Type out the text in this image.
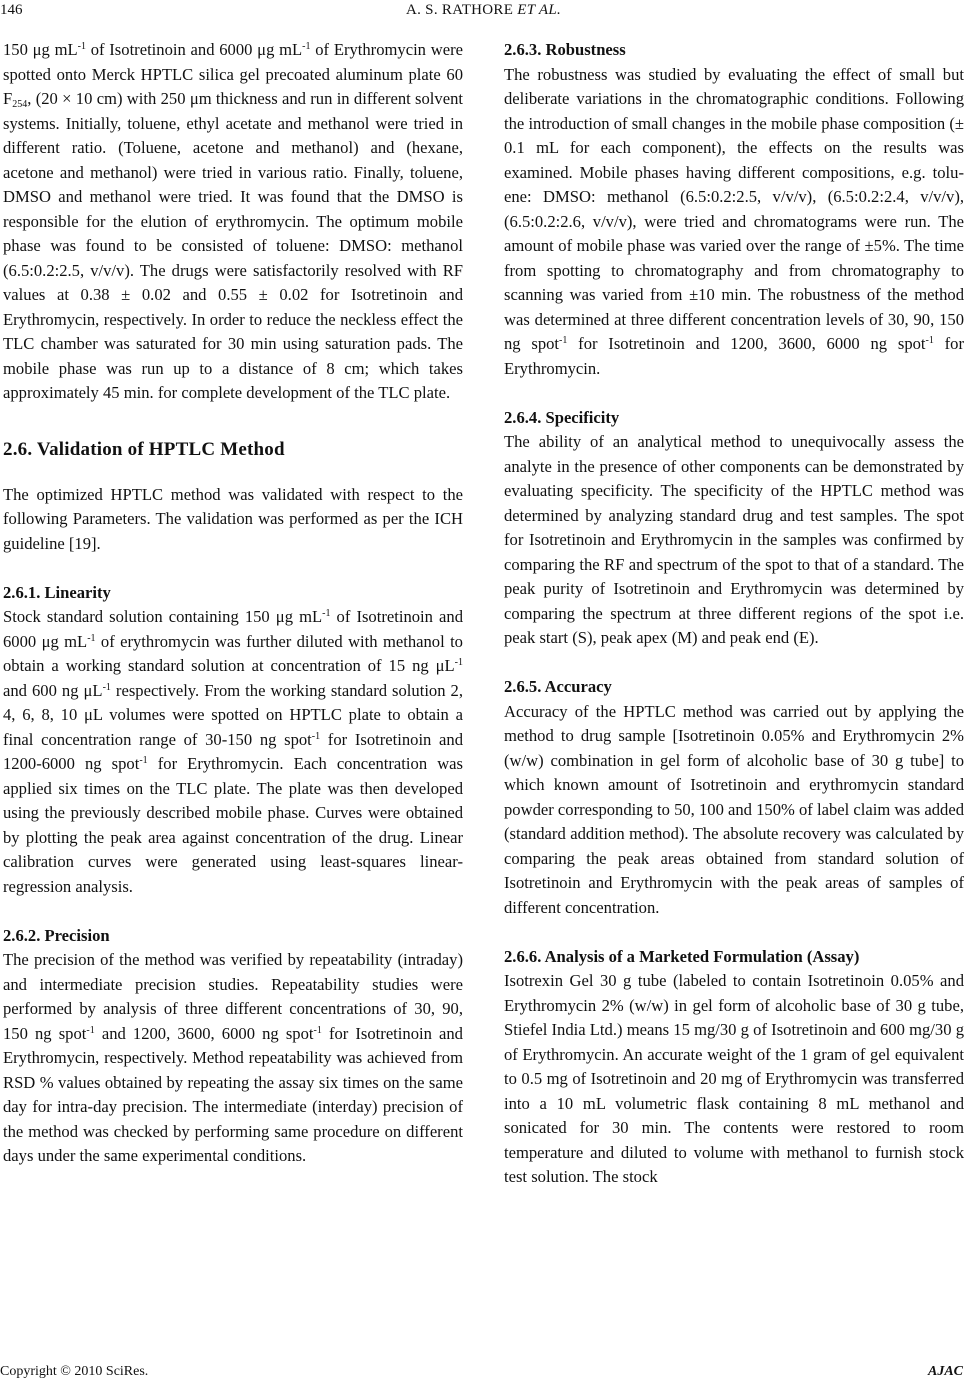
146	A. S. RATHORE ET AL.

150 μg $mL^{-1}$ of Isotretinoin and 6000 μg $mL^{-1}$ of Erythromycin were spotted onto Merck HPTLC silica gel precoated aluminum plate 60 $F_{254}$, (20 × 10 cm) with 250 μm thickness and run in different solvent systems. Initially, toluene, ethyl acetate and methanol were tried in different ratio. (Toluene, acetone and methanol) and (hexane, acetone and methanol) were tried in various ratio. Finally, toluene, DMSO and methanol were tried. It was found that the DMSO is responsible for the elution of erythromycin. The optimum mobile phase was found to be consisted of toluene: DMSO: methanol (6.5:0.2:2.5, v/v/v). The drugs were satisfactorily resolved with RF values at 0.38 ± 0.02 and 0.55 ± 0.02 for Isotretinoin and Erythromycin, respectively. In order to reduce the neckless effect the TLC chamber was saturated for 30 min using saturation pads. The mobile phase was run up to a distance of 8 cm; which takes approximately 45 min. for complete development of the TLC plate.

2.6. Validation of HPTLC Method

The optimized HPTLC method was validated with respect to the following Parameters. The validation was performed as per the ICH guideline [19].

2.6.1. Linearity

Stock standard solution containing 150 μg $mL^{-1}$ of Isotretinoin and 6000 μg $mL^{-1}$ of erythromycin was further diluted with methanol to obtain a working standard solution at concentration of 15 ng $\mu L^{-1}$ and 600 ng $\mu L^{-1}$ respectively. From the working standard solution 2, 4, 6, 8, 10 μL volumes were spotted on HPTLC plate to obtain a final concentration range of 30-150 ng spot$^{-1}$ for Isotretinoin and 1200-6000 ng spot$^{-1}$ for Erythromycin. Each concentration was applied six times on the TLC plate. The plate was then developed using the previously described mobile phase. Curves were obtained by plotting the peak area against concentration of the drug. Linear calibration curves were generated using least-squares linear-regression analysis.

2.6.2. Precision

The precision of the method was verified by repeatability (intraday) and intermediate precision studies. Repeatability studies were performed by analysis of three different concentrations of 30, 90, 150 ng spot$^{-1}$ and 1200, 3600, 6000 ng spot$^{-1}$ for Isotretinoin and Erythromycin, respectively. Method repeatability was achieved from RSD % values obtained by repeating the assay six times on the same day for intra-day precision. The intermediate (interday) precision of the method was checked by performing same procedure on different days under the same experimental conditions.

2.6.3. Robustness

The robustness was studied by evaluating the effect of small but deliberate variations in the chromatographic conditions. Following the introduction of small changes in the mobile phase composition (± 0.1 mL for each component), the effects on the results was examined. Mobile phases having different compositions, e.g. toluene: DMSO: methanol (6.5:0.2:2.5, v/v/v), (6.5:0.2:2.4, v/v/v), (6.5:0.2:2.6, v/v/v), were tried and chromatograms were run. The amount of mobile phase was varied over the range of ±5%. The time from spotting to chromatography and from chromatography to scanning was varied from ±10 min. The robustness of the method was determined at three different concentration levels of 30, 90, 150 ng spot$^{-1}$ for Isotretinoin and 1200, 3600, 6000 ng spot$^{-1}$ for Erythromycin.

2.6.4. Specificity

The ability of an analytical method to unequivocally assess the analyte in the presence of other components can be demonstrated by evaluating specificity. The specificity of the HPTLC method was determined by analyzing standard drug and test samples. The spot for Isotretinoin and Erythromycin in the samples was confirmed by comparing the RF and spectrum of the spot to that of a standard. The peak purity of Isotretinoin and Erythromycin was determined by comparing the spectrum at three different regions of the spot i.e. peak start (S), peak apex (M) and peak end (E).

2.6.5. Accuracy

Accuracy of the HPTLC method was carried out by applying the method to drug sample [Isotretinoin 0.05% and Erythromycin 2% (w/w) combination in gel form of alcoholic base of 30 g tube] to which known amount of Isotretinoin and erythromycin standard powder corresponding to 50, 100 and 150% of label claim was added (standard addition method). The absolute recovery was calculated by comparing the peak areas obtained from standard solution of Isotretinoin and Erythromycin with the peak areas of samples of different concentration.

2.6.6. Analysis of a Marketed Formulation (Assay)

Isotrexin Gel 30 g tube (labeled to contain Isotretinoin 0.05% and Erythromycin 2% (w/w) in gel form of alcoholic base of 30 g tube, Stiefel India Ltd.) means 15 mg/30 g of Isotretinoin and 600 mg/30 g of Erythromycin. An accurate weight of the 1 gram of gel equivalent to 0.5 mg of Isotretinoin and 20 mg of Erythromycin was transferred into a 10 mL volumetric flask containing 8 mL methanol and sonicated for 30 min. The contents were restored to room temperature and diluted to volume with methanol to furnish stock test solution. The stock

Copyright © 2010 SciRes.	AJAC
